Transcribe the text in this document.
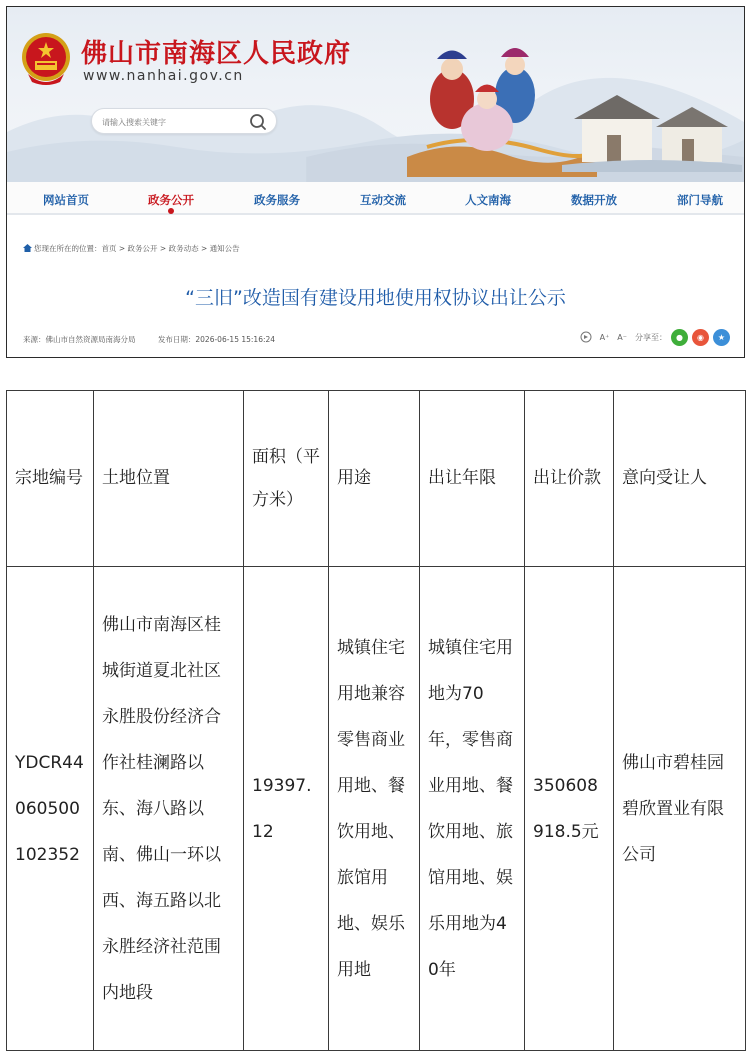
佛山市南海区人民政府
www.nanhai.gov.cn
请输入搜索关键字
网站首页	政务公开	政务服务	互动交流	人文南海	数据开放	部门导航
您现在所在的位置：首页 > 政务公开 > 政务动态 > 通知公告
“三旧”改造国有建设用地使用权协议出让公示
来源：佛山市自然资源局南海分局	发布日期：2026-06-15 15:16:24	A⁺ A⁻ 分享至：	●	◉	★
宗地编号	土地位置	面积（平方米）	用途	出让年限	出让价款	意向受让人
YDCR44060500102352	佛山市南海区桂城街道夏北社区永胜股份经济合作社桂澜路以东、海八路以南、佛山一环以西、海五路以北永胜经济社范围内地段	19397.12	城镇住宅用地兼容零售商业用地、餐饮用地、旅馆用地、娱乐用地	城镇住宅用地为70年，零售商业用地、餐饮用地、旅馆用地、娱乐用地为40年	350608918.5元	佛山市碧桂园碧欣置业有限公司
